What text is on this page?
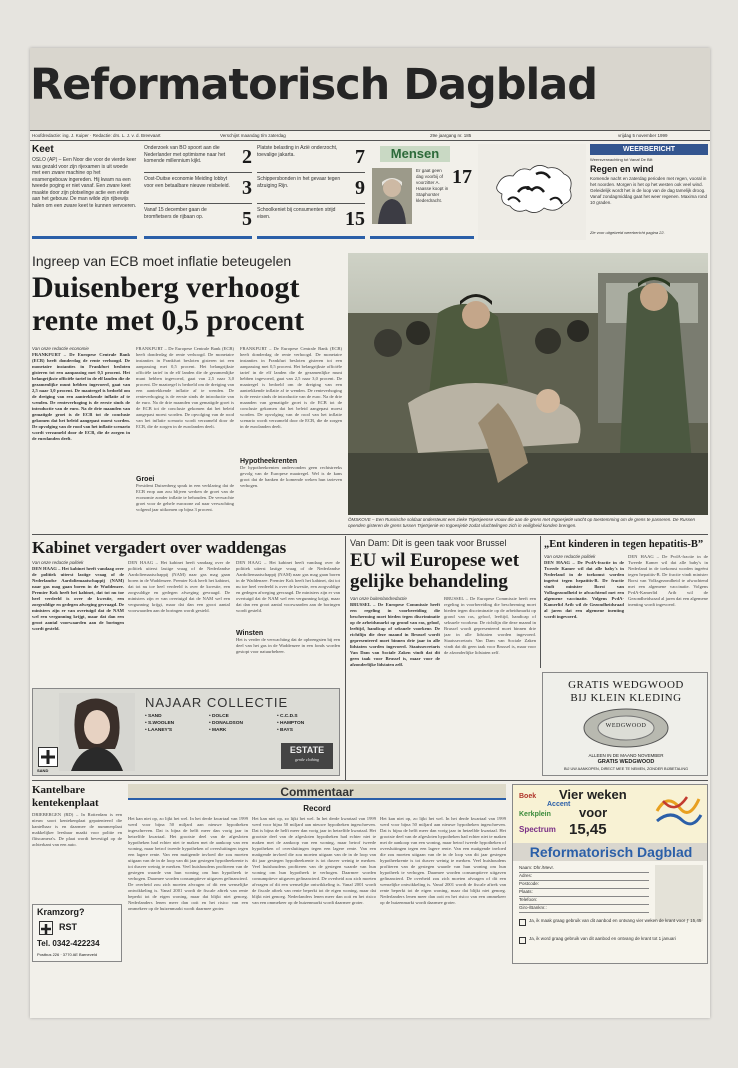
Reformatorisch Dagblad
Hoofdredactie: ing. J. Kuiper · Redactie: drs. L. J. v. d. Breevaart	Verschijnt maandag t/m zaterdag	29e jaargang nr. 185	vrijdag 5 november 1999
Keet
OSLO (AP) – Een Noor die voor de vierde keer was gezakt voor zijn rijexamen is uit woede met een zware machine op het examengebouw ingereden. Hij kwam na een tweede poging er niet vanaf. Een zware keet maakte door zijn plotselinge actie een einde aan het gebouw. De man wilde zijn rijbewijs halen om een zware keet te kunnen vervoeren.
Onderzoek van BO spoort aan die Nederlander met optimisme naar het komende millennium kijkt.	2
Oost-Duitse economie Meiding lobbyt voor een betaalbare nieuwe reisbeleid. 3
Vanaf 15 december gaan de bromfietsers de rijbaan op.	5
Platste belasting in Azië onderzocht, toevalige jakarta.	7
Schippersbonden in het gevaar tegen afzuiging Rijn.	9
Schoolkeniet bij consumenten strijd eisen.	15
Mensen
Er gaat geen dag voorbij of voorzitter A. Haasse koopt in Staphorster klederdracht.
17
WEERBERICHT
Weersverwachting tot Vanaf De Bilt
Regen en wind
Komende nacht en zaterdag perioden met regen, vooral in het noorden. Morgen is het op het westen ook veel wind. Geleidelijk wordt het in de loop van de dag tamelijk droog. Vanaf zondagmiddag gaat het weer regenen. Maxima rond 10 graden.
Zie voor uitgebreid weerbericht pagina 22.
Ingreep van ECB moet inflatie beteugelen
Duisenberg verhoogt
rente met 0,5 procent
Van onze redactie economie
FRANKFURT – De Europese Centrale Bank (ECB) heeft donderdag de rente verhoogd. De monetaire instanties in Frankfurt besloten gisteren tot een aanpassing met 0,5 procent. Het belangrijkste officiële tarief in de elf landen die de gezamenlijke munt hebben ingevoerd, gaat van 2,5 naar 3,0 procent. De maatregel is bedoeld om de dreiging van een aantrekkende inflatie af te wenden. De renteverhoging is de eerste sinds de introductie van de euro. Na de drie maanden van gematigde groei is de ECB tot de conclusie gekomen dat het beleid aangepast moest worden. De opvolging van de rood van het inflatie scenario wordt verzameld door de ECB, die de zorgen in de eurolanden deelt.
FRANKFURT – De Europese Centrale Bank (ECB) heeft donderdag de rente verhoogd. De monetaire instanties in Frankfurt besloten gisteren tot een aanpassing met 0,5 procent. Het belangrijkste officiële tarief in de elf landen die de gezamenlijke munt hebben ingevoerd, gaat van 2,5 naar 3,0 procent. De maatregel is bedoeld om de dreiging van een aantrekkende inflatie af te wenden. De renteverhoging is de eerste sinds de introductie van de euro. Na de drie maanden van gematigde groei is de ECB tot de conclusie gekomen dat het beleid aangepast moest worden. De opvolging van de rood van het inflatie scenario wordt verzameld door de ECB, die de zorgen in de eurolanden deelt.
Groei
President Duisenberg sprak in een verklaring dat de ECB erop aan zou blijven werken de groei van de economie zonder inflatie te behouden. De verwachte groei voor de gehele eurozone zal naar verwachting volgend jaar uitkomen op bijna 3 procent.
FRANKFURT – De Europese Centrale Bank (ECB) heeft donderdag de rente verhoogd. De monetaire instanties in Frankfurt besloten gisteren tot een aanpassing met 0,5 procent. Het belangrijkste officiële tarief in de elf landen die de gezamenlijke munt hebben ingevoerd, gaat van 2,5 naar 3,0 procent. De maatregel is bedoeld om de dreiging van een aantrekkende inflatie af te wenden. De renteverhoging is de eerste sinds de introductie van de euro. Na de drie maanden van gematigde groei is de ECB tot de conclusie gekomen dat het beleid aangepast moest worden. De opvolging van de rood van het inflatie scenario wordt verzameld door de ECB, die de zorgen in de eurolanden deelt.
Hypotheekrenten
De hypotheekrenten ondervonden geen rechtstreeks gevolg van de Europese maatregel. Wel is de kans groot dat de banken de komende weken hun tarieven verhogen.
ÖMSKOVE – Een Russische soldaat ondersteunt een zieke Tsjetsjeense vrouw die aan de grens met Ingoesjetië wacht op toestemming om de grens te passeren. De Russen openden gisteren de grens tussen Tsjetsjenië en Ingoesjetië zodat vluchtelingen zich in veiligheid konden brengen.
Kabinet vergadert over waddengas
Van onze redactie politiek
DEN HAAG – Het kabinet heeft vandaag over de politiek uiterst lastige vraag of de Nederlandse Aardoliemaatschappij (NAM) naar gas mag gaan boren in de Waddenzee. Premier Kok heeft het kabinet, dat tot nu toe heel verdeeld is over de kwestie, een zorgvuldige en gedegen afweging gevraagd. De ministers zijn er van overtuigd dat de NAM wel een vergunning krijgt, maar dat dan een groot aantal voorwaarden aan de boringen wordt gesteld.
DEN HAAG – Het kabinet heeft vandaag over de politiek uiterst lastige vraag of de Nederlandse Aardoliemaatschappij (NAM) naar gas mag gaan boren in de Waddenzee. Premier Kok heeft het kabinet, dat tot nu toe heel verdeeld is over de kwestie, een zorgvuldige en gedegen afweging gevraagd. De ministers zijn er van overtuigd dat de NAM wel een vergunning krijgt, maar dat dan een groot aantal voorwaarden aan de boringen wordt gesteld.
DEN HAAG – Het kabinet heeft vandaag over de politiek uiterst lastige vraag of de Nederlandse Aardoliemaatschappij (NAM) naar gas mag gaan boren in de Waddenzee. Premier Kok heeft het kabinet, dat tot nu toe heel verdeeld is over de kwestie, een zorgvuldige en gedegen afweging gevraagd. De ministers zijn er van overtuigd dat de NAM wel een vergunning krijgt, maar dat dan een groot aantal voorwaarden aan de boringen wordt gesteld.
Winsten
Het is verder de verwachting dat de opbrengsten bij een deel van het gas in de Waddenzee in een fonds worden gestopt voor natuurbeheer.
SAND
NAJAAR COLLECTIE
• SAND
• S.WOOLEN
• LAANEY'S
• DOLCE
• DONALDSON
• MARK
• C.C.D.S
• HAMPTON
• BAYS
ESTATE
gentle clothing
Van Dam: Dit is geen taak voor Brussel
EU wil Europese wet
gelijke behandeling
Van onze buitenlandredactie
BRUSSEL – De Europese Commissie heeft een regeling in voorbereiding die bescherming moet bieden tegen discriminatie op de arbeidsmarkt op grond van ras, geloof, leeftijd, handicap of seksuele voorkeur. De richtlijn die deze maand in Brussel wordt gepresenteerd moet binnen drie jaar in alle lidstaten worden ingevoerd. Staatssecretaris Van Dam van Sociale Zaken vindt dat dit geen taak voor Brussel is, maar voor de afzonderlijke lidstaten zelf.
BRUSSEL – De Europese Commissie heeft een regeling in voorbereiding die bescherming moet bieden tegen discriminatie op de arbeidsmarkt op grond van ras, geloof, leeftijd, handicap of seksuele voorkeur. De richtlijn die deze maand in Brussel wordt gepresenteerd moet binnen drie jaar in alle lidstaten worden ingevoerd. Staatssecretaris Van Dam van Sociale Zaken vindt dat dit geen taak voor Brussel is, maar voor de afzonderlijke lidstaten zelf.
„Ent kinderen in tegen hepatitis-B”
Van onze redactie politiek
DEN HAAG – De PvdA-fractie in de Tweede Kamer wil dat alle baby's in Nederland in de toekomst worden ingeënt tegen hepatitis-B. De fractie vindt minister Borst van Volksgezondheid te afwachtend met een algemene vaccinatie. Volgens PvdA-Kamerlid Arib wil de Gezondheidsraad al jaren dat een algemene inenting wordt ingevoerd.
DEN HAAG – De PvdA-fractie in de Tweede Kamer wil dat alle baby's in Nederland in de toekomst worden ingeënt tegen hepatitis-B. De fractie vindt minister Borst van Volksgezondheid te afwachtend met een algemene vaccinatie. Volgens PvdA-Kamerlid Arib wil de Gezondheidsraad al jaren dat een algemene inenting wordt ingevoerd.
GRATIS WEDGWOOD
BIJ KLEIN KLEDING
WEDGWOOD
ALLEEN IN DE MAAND NOVEMBER
GRATIS WEDGWOOD
BIJ UW AANKOPEN, DIRECT MEE TE NEMEN, ZONDER BIJBETALING
Kantelbare kentekenplaat
DRIEBERGEN (RD) – In Rotterdam is een nieuw soort kentekenplaat gepatenteerd die kantelbaar is en daarmee de nummerplaat makkelijker leesbaar maakt voor politie en flitscamera's. De plaat wordt bevestigd op de achterkant van een auto.
Kramzorg?
RST
Tel. 0342-422234
Postbus 226 · 3770 AE Barneveld
Commentaar
Record
Het kan niet op, zo lijkt het wel. In het derde kwartaal van 1999 werd voor bijna 50 miljard aan nieuwe hypotheken ingeschreven. Dat is bijna de helft meer dan vorig jaar in hetzelfde kwartaal. Het grootste deel van de afgesloten hypotheken had echter niet te maken met de aankoop van een woning, maar betrof tweede hypotheken of oversluitingen tegen een lagere rente. Van een matigende invloed die zou moeten uitgaan van de in de loop van dit jaar gestegen hypotheekrente is tot dusver weinig te merken. Veel huishoudens profiteren van de gestegen waarde van hun woning om hun hypotheek te verhogen. Daarmee worden consumptieve uitgaven gefinancierd. De overheid zou zich moeten afvragen of dit een wenselijke ontwikkeling is. Vanaf 2001 wordt de fiscale aftrek van rente beperkt tot de eigen woning, maar dat blijkt niet genoeg. Nederlanders lenen meer dan ooit en het risico van een ommekeer op de huizenmarkt wordt daarmee groter.
Het kan niet op, zo lijkt het wel. In het derde kwartaal van 1999 werd voor bijna 50 miljard aan nieuwe hypotheken ingeschreven. Dat is bijna de helft meer dan vorig jaar in hetzelfde kwartaal. Het grootste deel van de afgesloten hypotheken had echter niet te maken met de aankoop van een woning, maar betrof tweede hypotheken of oversluitingen tegen een lagere rente. Van een matigende invloed die zou moeten uitgaan van de in de loop van dit jaar gestegen hypotheekrente is tot dusver weinig te merken. Veel huishoudens profiteren van de gestegen waarde van hun woning om hun hypotheek te verhogen. Daarmee worden consumptieve uitgaven gefinancierd. De overheid zou zich moeten afvragen of dit een wenselijke ontwikkeling is. Vanaf 2001 wordt de fiscale aftrek van rente beperkt tot de eigen woning, maar dat blijkt niet genoeg. Nederlanders lenen meer dan ooit en het risico van een ommekeer op de huizenmarkt wordt daarmee groter.
Het kan niet op, zo lijkt het wel. In het derde kwartaal van 1999 werd voor bijna 50 miljard aan nieuwe hypotheken ingeschreven. Dat is bijna de helft meer dan vorig jaar in hetzelfde kwartaal. Het grootste deel van de afgesloten hypotheken had echter niet te maken met de aankoop van een woning, maar betrof tweede hypotheken of oversluitingen tegen een lagere rente. Van een matigende invloed die zou moeten uitgaan van de in de loop van dit jaar gestegen hypotheekrente is tot dusver weinig te merken. Veel huishoudens profiteren van de gestegen waarde van hun woning om hun hypotheek te verhogen. Daarmee worden consumptieve uitgaven gefinancierd. De overheid zou zich moeten afvragen of dit een wenselijke ontwikkeling is. Vanaf 2001 wordt de fiscale aftrek van rente beperkt tot de eigen woning, maar dat blijkt niet genoeg. Nederlanders lenen meer dan ooit en het risico van een ommekeer op de huizenmarkt wordt daarmee groter.
Boek Vier weken
Accent
Kerkplein voor
Spectrum 15,45
Reformatorisch Dagblad
Naam: Dhr./Mevr.
Adres:
Postcode:
Plaats:
Telefoon:
Giro-/Banknr.:
Ja, ik maak graag gebruik van dit aanbod en ontvang vier weken de krant voor ƒ 15,45
Ja, ik word graag gebruik van dit aanbod en ontvang de krant tot 1 januari
